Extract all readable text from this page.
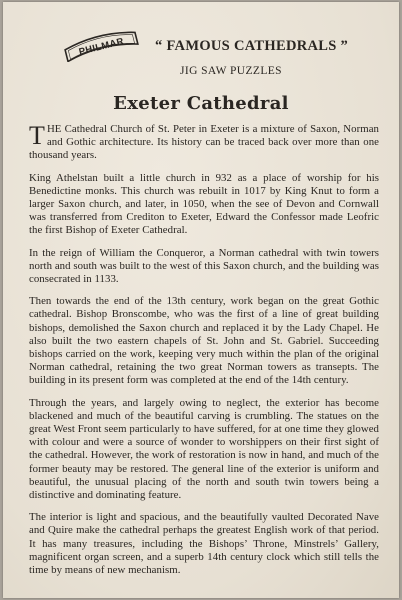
PHILMAR “ FAMOUS CATHEDRALS ”
JIG SAW PUZZLES
Exeter Cathedral

THE Cathedral Church of St. Peter in Exeter is a mixture of Saxon, Norman and Gothic architecture. Its history can be traced back over more than one thousand years.

King Athelstan built a little church in 932 as a place of worship for his Benedictine monks. This church was rebuilt in 1017 by King Knut to form a larger Saxon church, and later, in 1050, when the see of Devon and Cornwall was transferred from Crediton to Exeter, Edward the Confessor made Leofric the first Bishop of Exeter Cathedral.

In the reign of William the Conqueror, a Norman cathedral with twin towers north and south was built to the west of this Saxon church, and the building was consecrated in 1133.

Then towards the end of the 13th century, work began on the great Gothic cathedral. Bishop Bronscombe, who was the first of a line of great building bishops, demolished the Saxon church and replaced it by the Lady Chapel. He also built the two eastern chapels of St. John and St. Gabriel. Succeeding bishops carried on the work, keeping very much within the plan of the original Norman cathedral, retaining the two great Norman towers as transepts. The building in its present form was completed at the end of the 14th century.

Through the years, and largely owing to neglect, the exterior has become blackened and much of the beautiful carving is crumbling. The statues on the great West Front seem particularly to have suffered, for at one time they glowed with colour and were a source of wonder to worshippers on their first sight of the cathedral. However, the work of restoration is now in hand, and much of the former beauty may be restored. The general line of the exterior is uniform and beautiful, the unusual placing of the north and south twin towers being a distinctive and dominating feature.

The interior is light and spacious, and the beautifully vaulted Decorated Nave and Quire make the cathedral perhaps the greatest English work of that period. It has many treasures, including the Bishops’ Throne, Minstrels’ Gallery, magnificent organ screen, and a superb 14th century clock which still tells the time by means of new mechanism.
